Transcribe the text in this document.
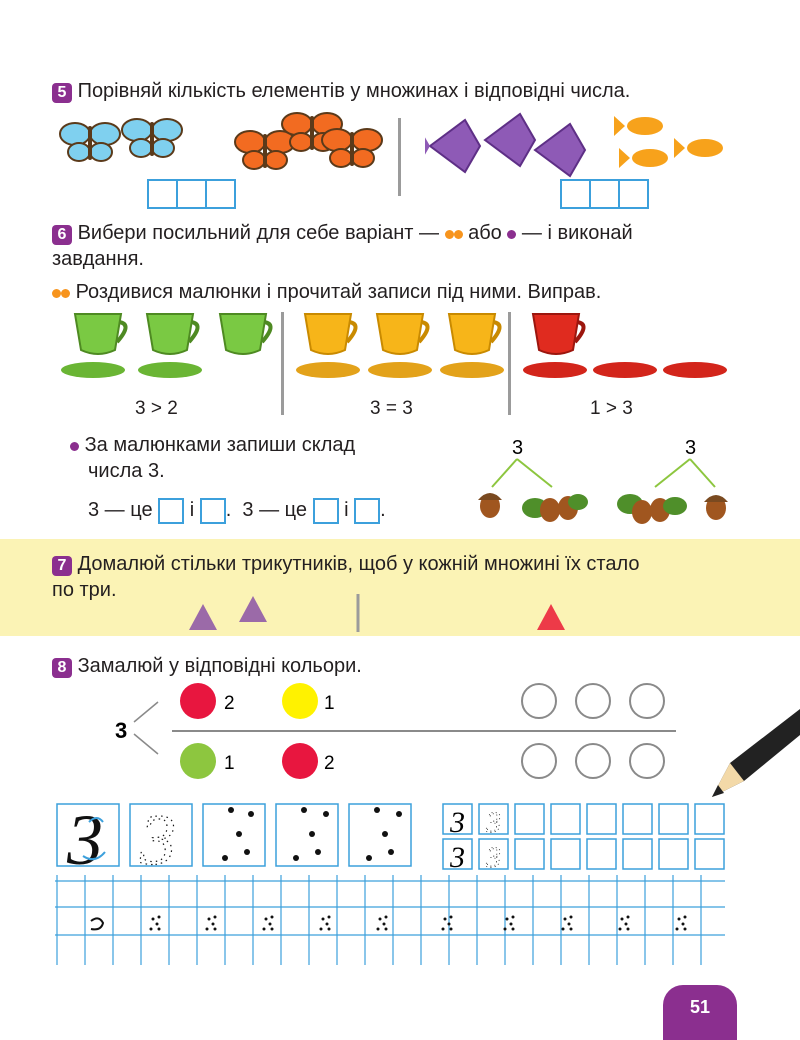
5 Порівняй кількість елементів у множинах і відповідні числа.
6 Вибери посильний для себе варіант — або — і виконай
завдання.
Роздивися малюнки і прочитай записи під ними. Виправ.
3 > 2	3 = 3	1 > 3
За малюнками запиши склад
числа 3.
3 — це і .  3 — це і .
3	3
7 Домалюй стільки трикутників, щоб у кожній множині їх стало
по три.
8 Замалюй у відповідні кольори.
3
2	1
1	2
3 3	3 3
3 3
51
